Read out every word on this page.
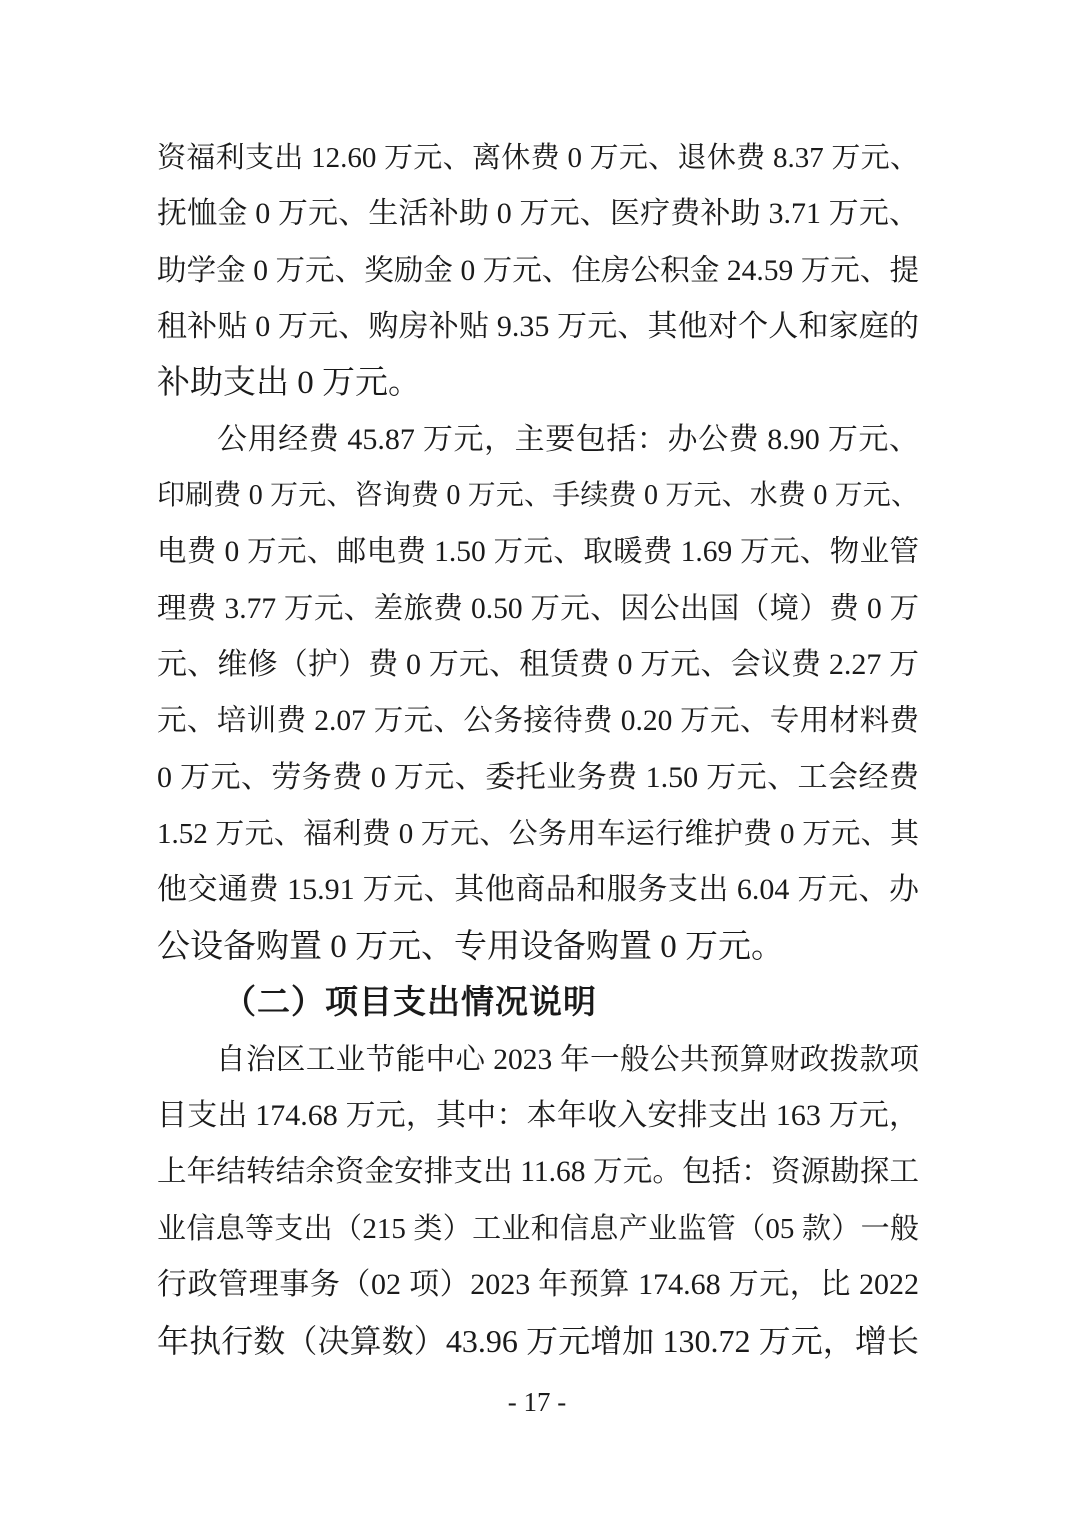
资福利支出 12.60 万元、离休费 0 万元、退休费 8.37 万元、
抚恤金 0 万元、生活补助 0 万元、医疗费补助 3.71 万元、
助学金 0 万元、奖励金 0 万元、住房公积金 24.59 万元、提
租补贴 0 万元、购房补贴 9.35 万元、其他对个人和家庭的
补助支出 0 万元。
公用经费 45.87 万元，主要包括：办公费 8.90 万元、
印刷费 0 万元、咨询费 0 万元、手续费 0 万元、水费 0 万元、
电费 0 万元、邮电费 1.50 万元、取暖费 1.69 万元、物业管
理费 3.77 万元、差旅费 0.50 万元、因公出国（境）费 0 万
元、维修（护）费 0 万元、租赁费 0 万元、会议费 2.27 万
元、培训费 2.07 万元、公务接待费 0.20 万元、专用材料费
0 万元、劳务费 0 万元、委托业务费 1.50 万元、工会经费
1.52 万元、福利费 0 万元、公务用车运行维护费 0 万元、其
他交通费 15.91 万元、其他商品和服务支出 6.04 万元、办
公设备购置 0 万元、专用设备购置 0 万元。
（二）项目支出情况说明
自治区工业节能中心 2023 年一般公共预算财政拨款项
目支出 174.68 万元，其中：本年收入安排支出 163 万元，
上年结转结余资金安排支出 11.68 万元。包括：资源勘探工
业信息等支出（215 类）工业和信息产业监管（05 款）一般
行政管理事务（02 项）2023 年预算 174.68 万元，比 2022
年执行数（决算数）43.96 万元增加 130.72 万元，增长
- 17 -
